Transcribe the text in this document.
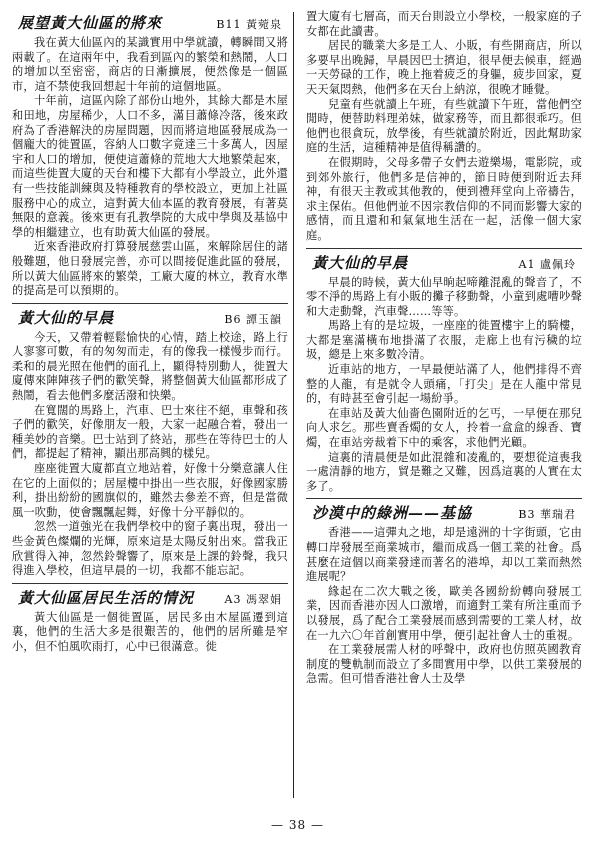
展望黃大仙區的將來	B11 黃菀泉

我在黃大仙區內的某識實用中學就讀，轉瞬間又將兩載了。在這兩年中，我看到區內的繁榮和熱鬧，人口的增加以至密密，商店的日漸擴展，便然像是一個區市，這不禁使我回想起十年前的這個地區。

十年前，這區內除了部份山地外，其餘大都是木屋和田地，房屋稀少，人口不多，滿目蕭條冷落，後來政府為了香港解決的房屋問題，因而將這地區發展成為一個龐大的徙置區，容納人口數字竟達三十多萬人，因屋宇和人口的增加，便使這蕭條的荒地大大地繁榮起來，而這些徙置大廈的天台和樓下大都有小學設立，此外還有一些技能訓練與及特種教育的學校設立，更加上社區服務中心的成立，這對黃大仙本區的教育發展，有著莫無限的意義。後來更有孔教學院的大成中學與及基協中學的相繼建立，也有助黃大仙區的發展。

近來香港政府打算發展慈雲山區，來解除居住的諸般難題，他日發展完善，亦可以間接促進此區的發展，所以黃大仙區將來的繁榮，工廠大廈的林立，教育水準的提高是可以預期的。

黃大仙的早晨	B6 譚玉韻

今天，又帶着輕鬆愉快的心情，踏上校途，路上行人寥寥可數，有的匆匆而走，有的像我一樣慢步而行。柔和的晨光照在他們的面孔上，顯得特別動人，徙置大廈傳來陣陣孩子們的歡笑聲，將整個黃大仙區都形成了熱鬧，看去他們多麼活潑和快樂。

在寬闊的馬路上，汽車、巴士來往不絕，車聲和孩子們的歡笑，好像朋友一般，大家一起融合着，發出一種美妙的音樂。巴士站到了終站，那些在等待巴士的人們，都提起了精神，顯出那高興的樣兒。

座座徙置大廈都直立地站着，好像十分樂意讓人住在它的上面似的；居屋樓中掛出一些衣服，好像國家勝利，掛出紛紛的國旗似的，雖然去參差不齊，但是當微風一吹動，使會飄飄起舞，好像十分平靜似的。

忽然一道強光在我們學校中的窗子裏出現，發出一些金黃色燦爛的光輝，原來這是太陽反射出來。當我正欣賞得入神，忽然鈴聲響了，原來是上課的鈴聲，我只得進入學校，但這早晨的一切，我都不能忘記。

黃大仙區居民生活的情況	A3 馮翠娟

黃大仙區是一個徙置區，居民多由木屋區遷到這裏，他們的生活大多是很艱苦的，他們的居所雖是窄小，但不怕風吹雨打，心中已很滿意。徙

置大廈有七層高，而天台則設立小學校，一般家庭的子女都在此讀書。

居民的職業大多是工人、小販，有些開商店，所以多要早出晚歸，早晨因巴士擠迫，很早便去候車，經過一天勞碌的工作，晚上拖着疲乏的身軀，疲步回家，夏天天氣悶熱，他們多在天台上納涼，很晚才睡覺。

兒童有些就讀上午班，有些就讀下午班，當他們空閒時，便替助料理弟妹，做家務等，而且都很乖巧。但他們也很貪玩，放學後，有些就讀於附近，因此幫助家庭的生活，這種精神是值得稱讚的。

在假期時，父母多帶子女們去遊樂場，電影院，或到郊外旅行，他們多是信神的，節日時便到附近去拜神，有很天主教或其他教的，便到禮拜堂向上帝禱告，求主保佑。但他們並不因宗教信仰的不同而影響大家的感情，而且還和和氣氣地生活在一起，活像一個大家庭。

黃大仙的早晨	A1 盧佩玲

早晨的時候，黃大仙早晌起啼離混亂的聲音了，不零不淨的馬路上有小販的攤子移動聲，小童到處嘈吵聲和大走動聲，汽車聲……等等。

馬路上有的是垃圾，一座座的徙置樓宇上的騎樓，大都是塞滿橫布地掛滿了衣服，走廊上也有污穢的垃圾，總是上來多數冷清。

近車站的地方，一早最便站滿了人，他們排得不齊整的人龍，有是就令人頭痛，「打尖」是在人龍中常見的，有時甚至會引起一場紛爭。

在車站及黃大仙嗇色園附近的乞丐，一早便在那兒向人求乞。那些賣香燭的女人，拎着一盒盒的線香、寶燭，在車站旁裁着下中的乘客，求他們光顧。

這裏的清晨便是如此混雜和凌亂的，要想從這喪我一處清靜的地方，貿是難之又難，因爲這裏的人實在太多了。

沙漠中的綠洲——基協	B3 華瑞君

香港——這彈丸之地，却是遠洲的十字街頭，它由轉口岸發展至商業城市，繼而成爲一個工業的社會。爲甚麼在這個以商業發達而著名的港埠，却以工業而熱然進展呢？

緣起在二次大戰之後，歐美各國紛紛轉向發展工業，因而香港亦因人口激增，而適對工業有所注重而予以發展，爲了配合工業發展而感到需要的工業人材，故在一九六〇年首創實用中學，便引起社會人士的重視。

在工業發展需人材的呼聲中，政府也仿照英國教育制度的雙軌制而設立了多間實用中學，以供工業發展的急需。但可惜香港社會人士及學

— 38 —
